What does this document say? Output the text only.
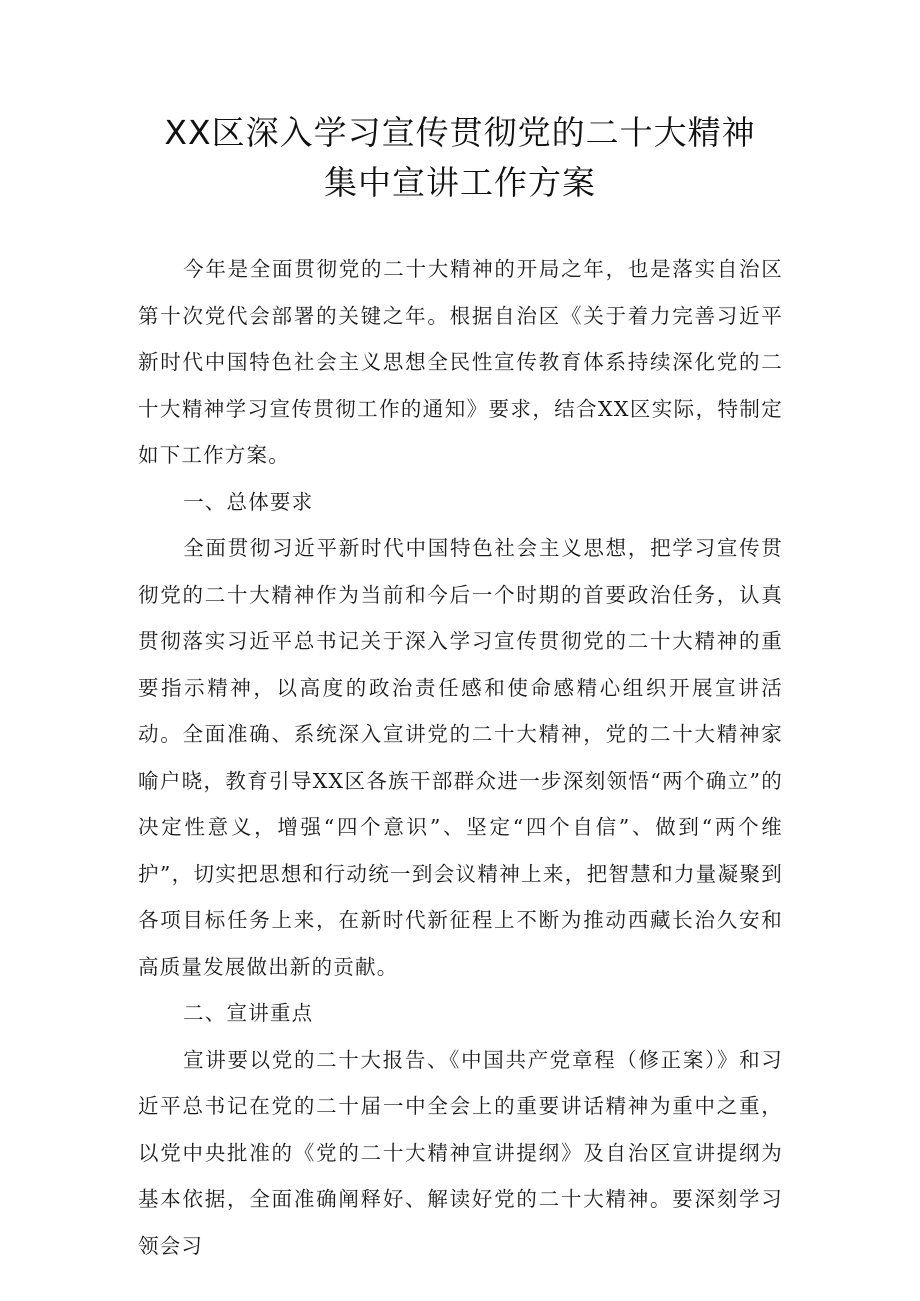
XX区深入学习宣传贯彻党的二十大精神
集中宣讲工作方案

今年是全面贯彻党的二十大精神的开局之年，也是落实自治区第十次党代会部署的关键之年。根据自治区《关于着力完善习近平新时代中国特色社会主义思想全民性宣传教育体系持续深化党的二十大精神学习宣传贯彻工作的通知》要求，结合XX区实际，特制定如下工作方案。

一、总体要求

全面贯彻习近平新时代中国特色社会主义思想，把学习宣传贯彻党的二十大精神作为当前和今后一个时期的首要政治任务，认真贯彻落实习近平总书记关于深入学习宣传贯彻党的二十大精神的重要指示精神，以高度的政治责任感和使命感精心组织开展宣讲活动。全面准确、系统深入宣讲党的二十大精神，党的二十大精神家喻户晓，教育引导XX区各族干部群众进一步深刻领悟“两个确立”的决定性意义，增强“四个意识”、坚定“四个自信”、做到“两个维护”，切实把思想和行动统一到会议精神上来，把智慧和力量凝聚到各项目标任务上来，在新时代新征程上不断为推动西藏长治久安和高质量发展做出新的贡献。

二、宣讲重点

宣讲要以党的二十大报告、《中国共产党章程（修正案）》和习近平总书记在党的二十届一中全会上的重要讲话精神为重中之重，以党中央批准的《党的二十大精神宣讲提纲》及自治区宣讲提纲为基本依据，全面准确阐释好、解读好党的二十大精神。要深刻学习领会习
